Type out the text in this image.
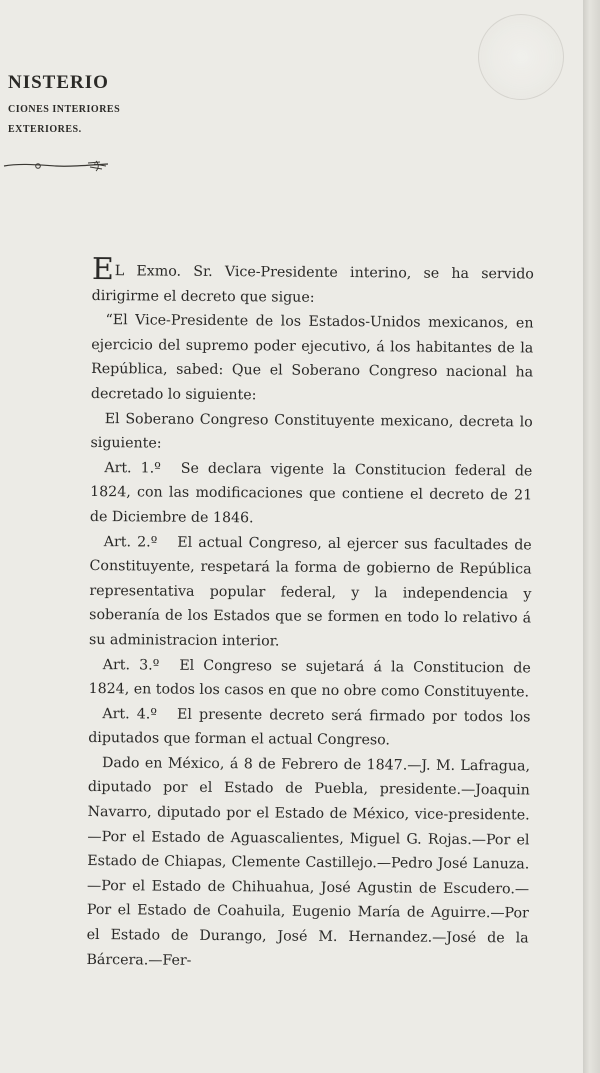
NISTERIO
CIONES INTERIORES
EXTERIORES.

EL Exmo. Sr. Vice-Presidente interino, se ha servido dirigirme el decreto que sigue:

“El Vice-Presidente de los Estados-Unidos mexicanos, en ejercicio del supremo poder ejecutivo, á los habitantes de la República, sabed: Que el Soberano Congreso nacional ha decretado lo siguiente:

El Soberano Congreso Constituyente mexicano, decreta lo siguiente:

Art. 1.º Se declara vigente la Constitucion federal de 1824, con las modificaciones que contiene el decreto de 21 de Diciembre de 1846.

Art. 2.º El actual Congreso, al ejercer sus facultades de Constituyente, respetará la forma de gobierno de República representativa popular federal, y la independencia y soberanía de los Estados que se formen en todo lo relativo á su administracion interior.

Art. 3.º El Congreso se sujetará á la Constitucion de 1824, en todos los casos en que no obre como Constituyente.

Art. 4.º El presente decreto será firmado por todos los diputados que forman el actual Congreso.

Dado en México, á 8 de Febrero de 1847.—J. M. Lafragua, diputado por el Estado de Puebla, presidente.—Joaquin Navarro, diputado por el Estado de México, vice-presidente.—Por el Estado de Aguascalientes, Miguel G. Rojas.—Por el Estado de Chiapas, Clemente Castillejo.—Pedro José Lanuza.—Por el Estado de Chihuahua, José Agustin de Escudero.—Por el Estado de Coahuila, Eugenio María de Aguirre.—Por el Estado de Durango, José M. Hernandez.—José de la Bárcera.—Fer-
